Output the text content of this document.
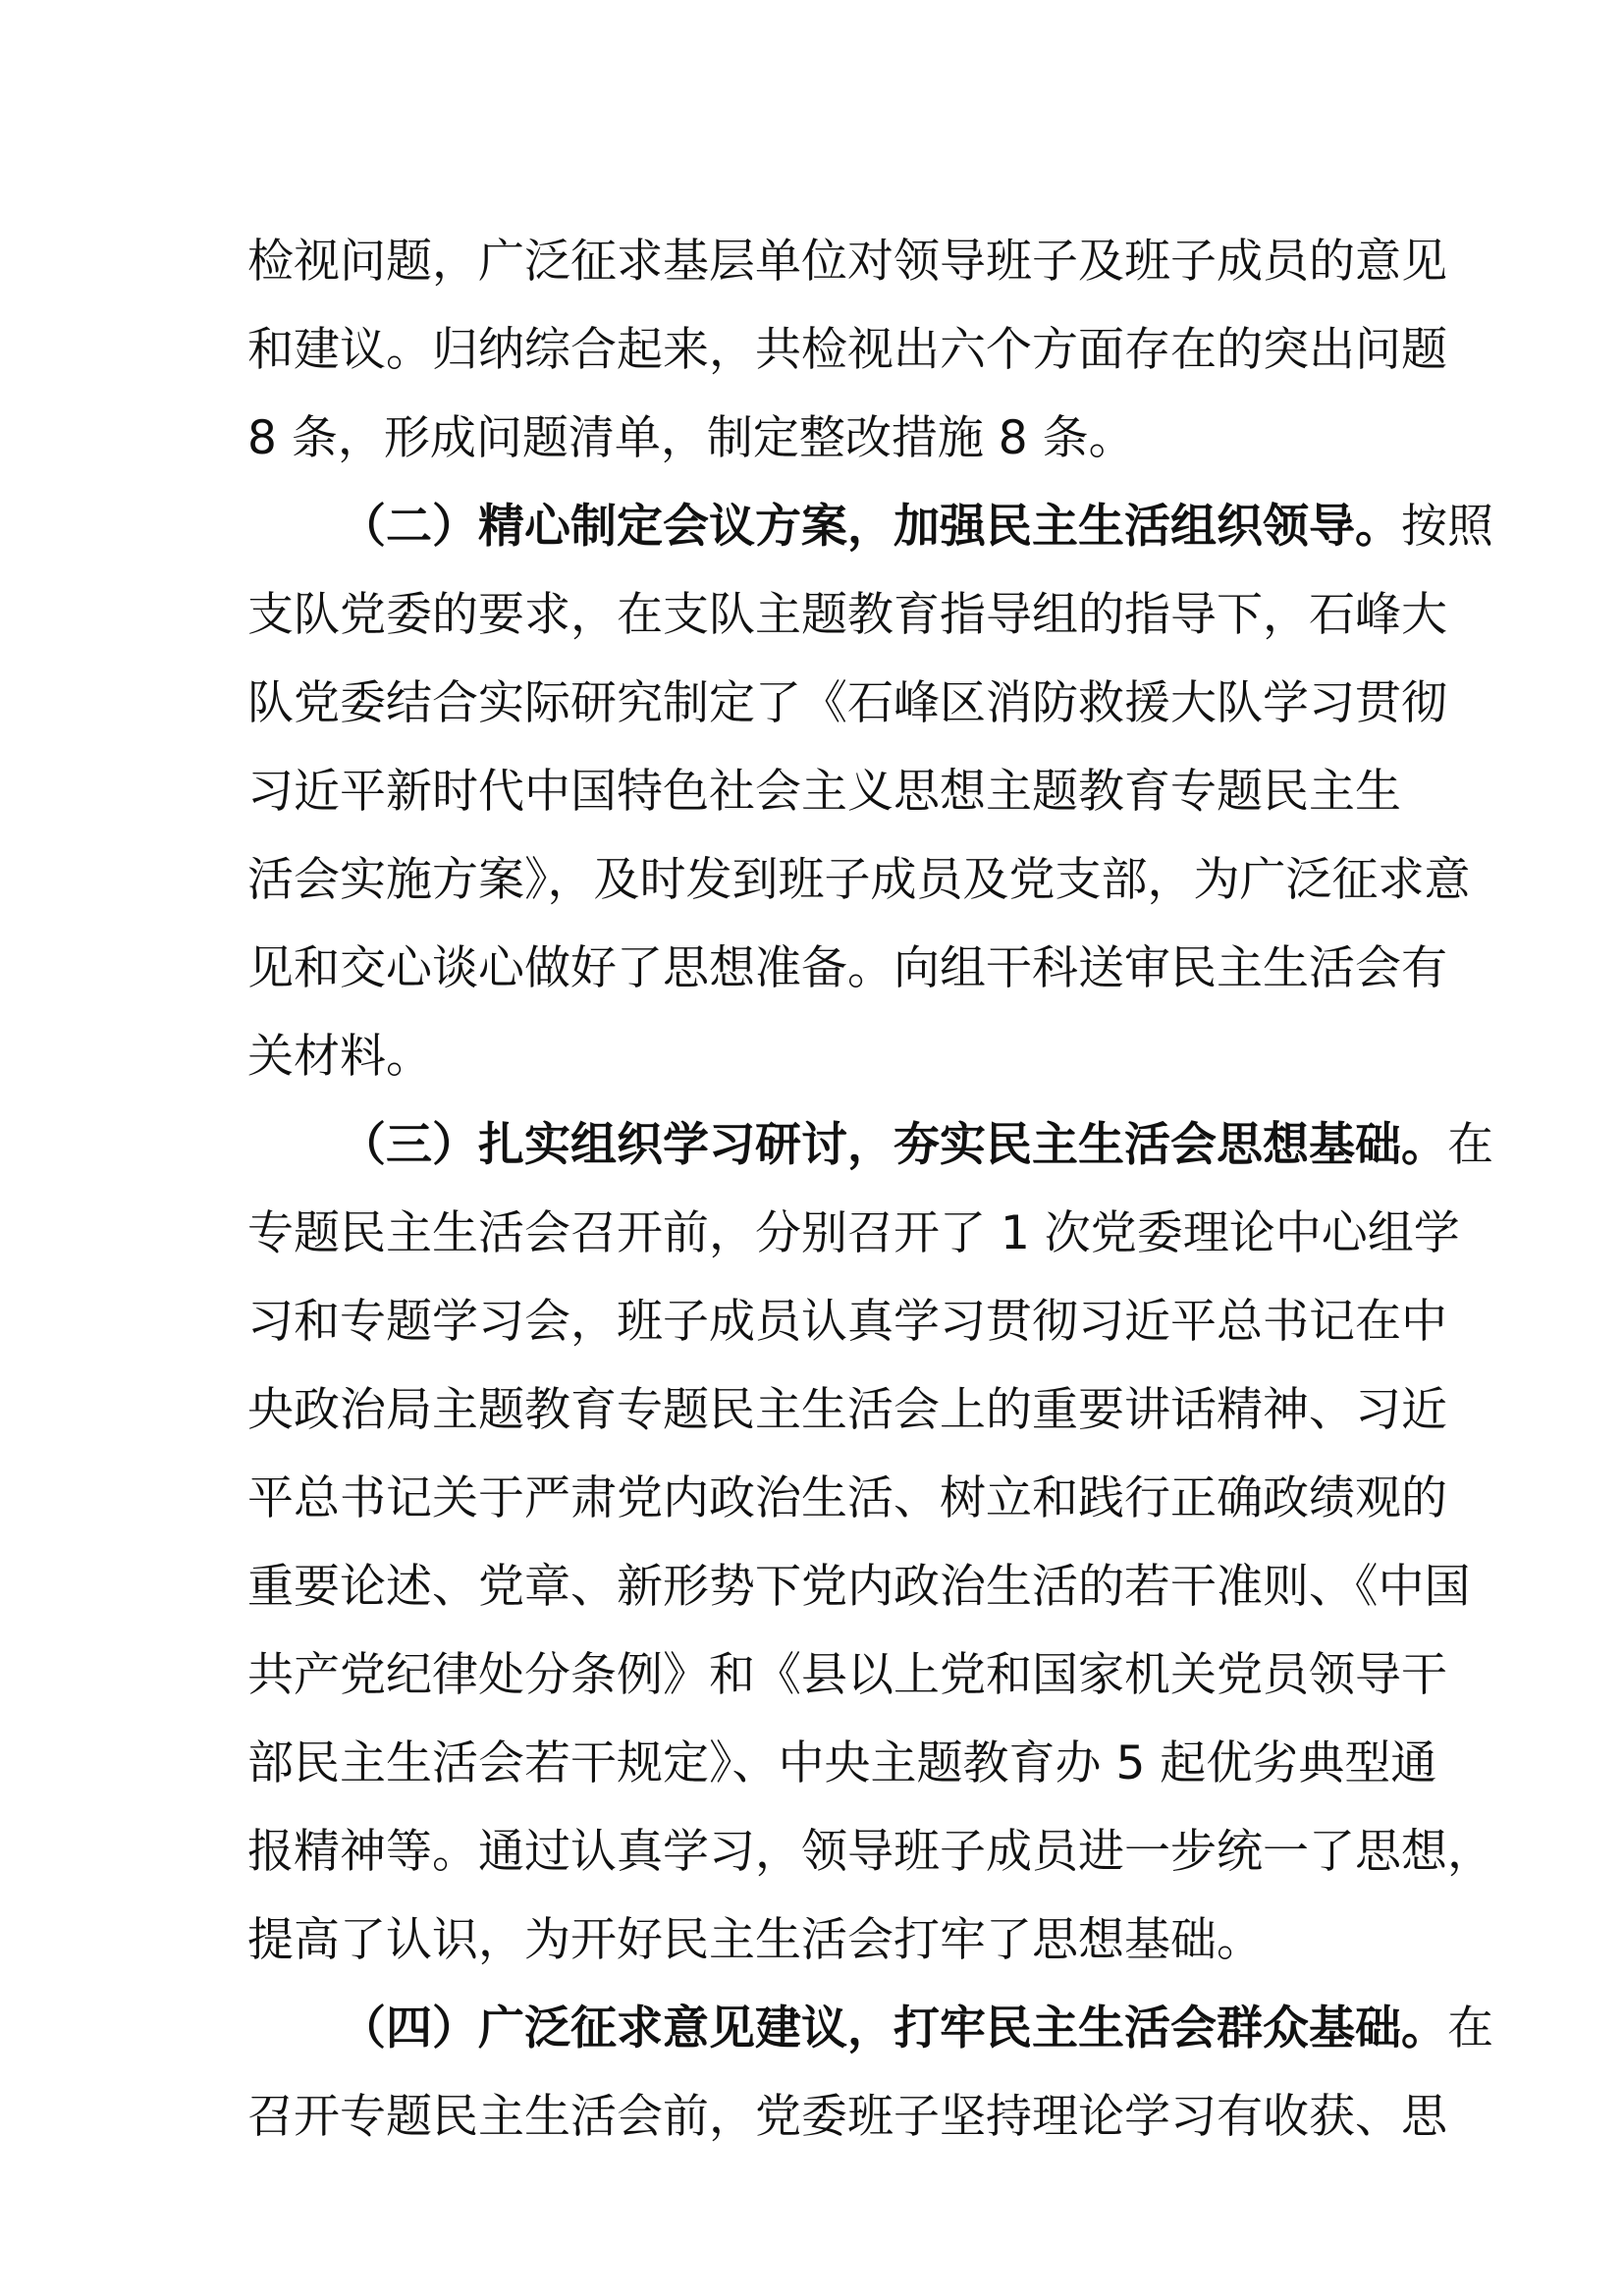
检视问题，广泛征求基层单位对领导班子及班子成员的意见
和建议。归纳综合起来，共检视出六个方面存在的突出问题
8 条，形成问题清单，制定整改措施 8 条。
（二）精心制定会议方案，加强民主生活组织领导。按照
支队党委的要求，在支队主题教育指导组的指导下，石峰大
队党委结合实际研究制定了《石峰区消防救援大队学习贯彻
习近平新时代中国特色社会主义思想主题教育专题民主生
活会实施方案》，及时发到班子成员及党支部，为广泛征求意
见和交心谈心做好了思想准备。向组干科送审民主生活会有
关材料。
（三）扎实组织学习研讨，夯实民主生活会思想基础。在
专题民主生活会召开前，分别召开了 1 次党委理论中心组学
习和专题学习会，班子成员认真学习贯彻习近平总书记在中
央政治局主题教育专题民主生活会上的重要讲话精神、习近
平总书记关于严肃党内政治生活、树立和践行正确政绩观的
重要论述、党章、新形势下党内政治生活的若干准则、《中国
共产党纪律处分条例》和《县以上党和国家机关党员领导干
部民主生活会若干规定》、中央主题教育办 5 起优劣典型通
报精神等。通过认真学习，领导班子成员进一步统一了思想，
提高了认识，为开好民主生活会打牢了思想基础。
（四）广泛征求意见建议，打牢民主生活会群众基础。在
召开专题民主生活会前，党委班子坚持理论学习有收获、思
